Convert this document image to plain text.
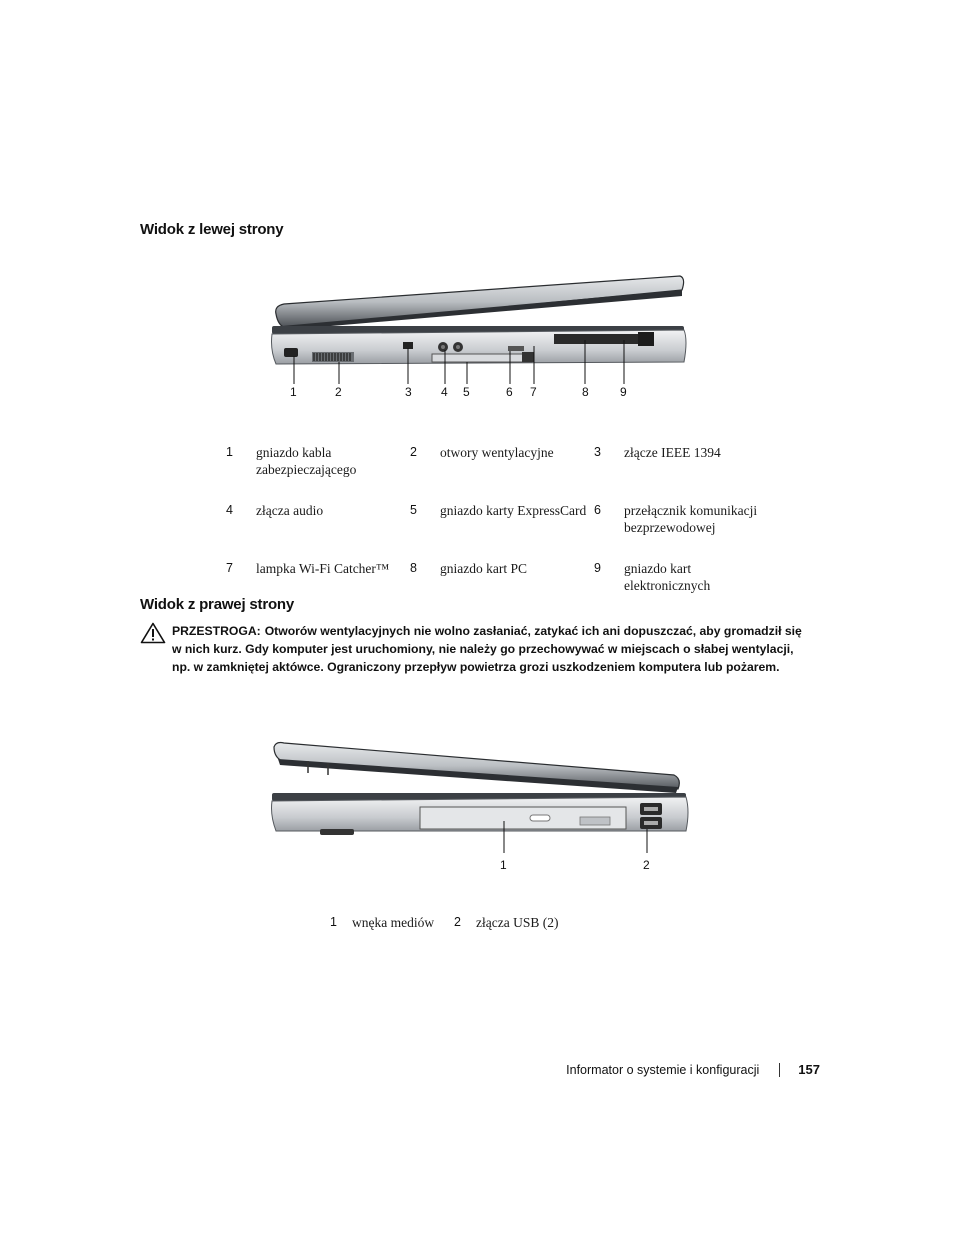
Widok z lewej strony
1	2	3 4 5	6 7	8	9
1	gniazdo kabla zabezpieczającego	2	otwory wentylacyjne	3	złącze IEEE 1394
4	złącza audio	5	gniazdo karty ExpressCard	6	przełącznik komunikacji bezprzewodowej
7	lampka Wi-Fi Catcher™	8	gniazdo kart PC	9	gniazdo kart elektronicznych
Widok z prawej strony
PRZESTROGA: Otworów wentylacyjnych nie wolno zasłaniać, zatykać ich ani dopuszczać, aby gromadził się w nich kurz. Gdy komputer jest uruchomiony, nie należy go przechowywać w miejscach o słabej wentylacji, np. w zamkniętej aktówce. Ograniczony przepływ powietrza grozi uszkodzeniem komputera lub pożarem.
1	2
1	wnęka mediów	2	złącza USB (2)
Informator o systemie i konfiguracji	157
